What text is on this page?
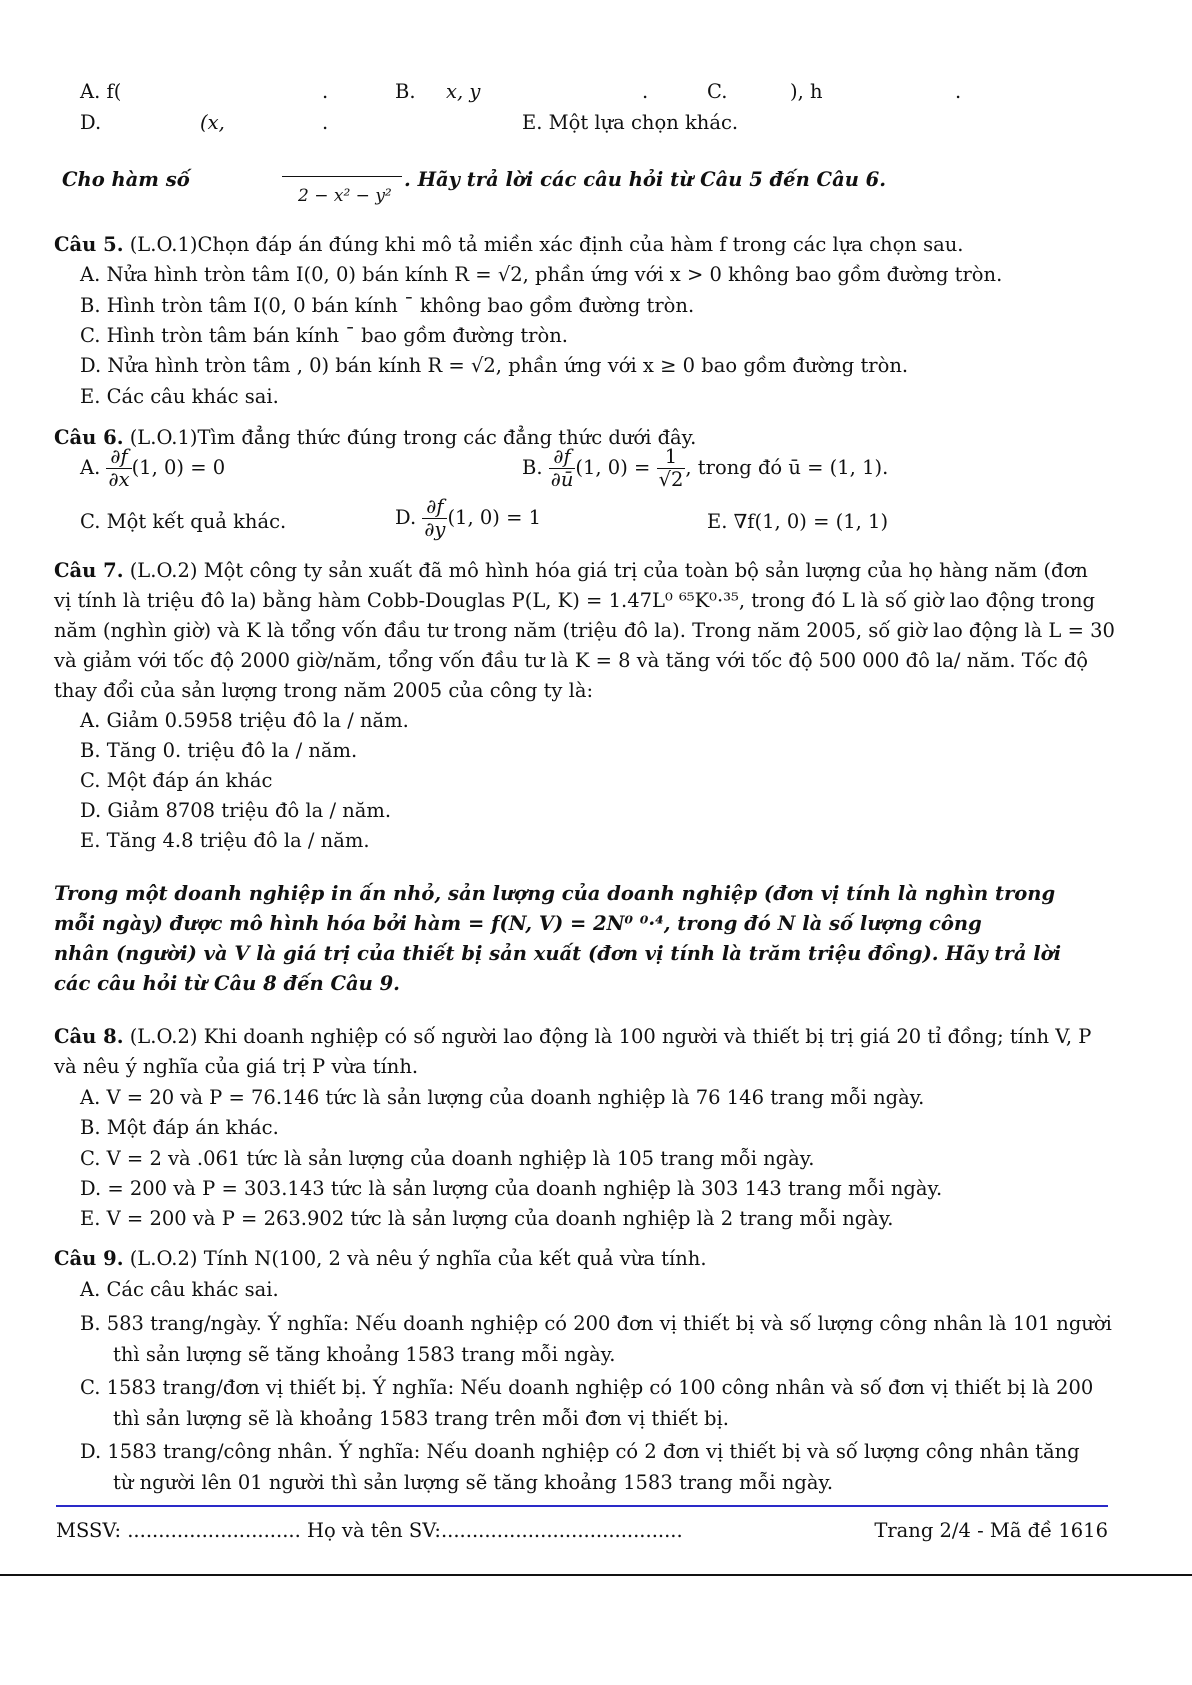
A. f(	.	B. x, y	.	C.	), h	.
D.	(x,	.	E. Một lựa chọn khác.
Cho hàm số
2 − x² − y²
. Hãy trả lời các câu hỏi từ Câu 5 đến Câu 6.
Câu 5. (L.O.1)Chọn đáp án đúng khi mô tả miền xác định của hàm f trong các lựa chọn sau.
A. Nửa hình tròn tâm I(0, 0) bán kính R = √2, phần ứng với x > 0 không bao gồm đường tròn.
B. Hình tròn tâm I(0, 0 bán kính ¯ không bao gồm đường tròn.
C. Hình tròn tâm bán kính ¯ bao gồm đường tròn.
D. Nửa hình tròn tâm , 0) bán kính R = √2, phần ứng với x ≥ 0 bao gồm đường tròn.
E. Các câu khác sai.
Câu 6. (L.O.1)Tìm đẳng thức đúng trong các đẳng thức dưới đây.
A. $\frac{\partial f}{\partial x} (1$, 0) = 0	B. $\frac{\partial f}{\partial ū} (1$, $0) = \frac{1}{√2}$ , trong đó ū = (1, 1).
C. Một kết quả khác.	D. $\frac{\partial f}{\partial y} (1$, 0) = 1	E. ∇f(1, 0) = (1, 1)
Câu 7. (L.O.2) Một công ty sản xuất đã mô hình hóa giá trị của toàn bộ sản lượng của họ hàng năm (đơn
vị tính là triệu đô la) bằng hàm Cobb-Douglas P(L, K) = 1.47L⁰ ⁶⁵K⁰·³⁵, trong đó L là số giờ lao động trong
năm (nghìn giờ) và K là tổng vốn đầu tư trong năm (triệu đô la). Trong năm 2005, số giờ lao động là L = 30
và giảm với tốc độ 2000 giờ/năm, tổng vốn đầu tư là K = 8 và tăng với tốc độ 500 000 đô la/ năm. Tốc độ
thay đổi của sản lượng trong năm 2005 của công ty là:
A. Giảm 0.5958 triệu đô la / năm.
B. Tăng 0. triệu đô la / năm.
C. Một đáp án khác
D. Giảm 8708 triệu đô la / năm.
E. Tăng 4.8 triệu đô la / năm.
Trong một doanh nghiệp in ấn nhỏ, sản lượng của doanh nghiệp (đơn vị tính là nghìn trong
mỗi ngày) được mô hình hóa bởi hàm = f(N, V) = 2N⁰ ⁰·⁴, trong đó N là số lượng công
nhân (người) và V là giá trị của thiết bị sản xuất (đơn vị tính là trăm triệu đồng). Hãy trả lời
các câu hỏi từ Câu 8 đến Câu 9.
Câu 8. (L.O.2) Khi doanh nghiệp có số người lao động là 100 người và thiết bị trị giá 20 tỉ đồng; tính V, P
và nêu ý nghĩa của giá trị P vừa tính.
A. V = 20 và P = 76.146 tức là sản lượng của doanh nghiệp là 76 146 trang mỗi ngày.
B. Một đáp án khác.
C. V = 2 và .061 tức là sản lượng của doanh nghiệp là 105 trang mỗi ngày.
D. = 200 và P = 303.143 tức là sản lượng của doanh nghiệp là 303 143 trang mỗi ngày.
E. V = 200 và P = 263.902 tức là sản lượng của doanh nghiệp là 2 trang mỗi ngày.
Câu 9. (L.O.2) Tính N(100, 2 và nêu ý nghĩa của kết quả vừa tính.
A. Các câu khác sai.
B. 583 trang/ngày. Ý nghĩa: Nếu doanh nghiệp có 200 đơn vị thiết bị và số lượng công nhân là 101 người
thì sản lượng sẽ tăng khoảng 1583 trang mỗi ngày.
C. 1583 trang/đơn vị thiết bị. Ý nghĩa: Nếu doanh nghiệp có 100 công nhân và số đơn vị thiết bị là 200
thì sản lượng sẽ là khoảng 1583 trang trên mỗi đơn vị thiết bị.
D. 1583 trang/công nhân. Ý nghĩa: Nếu doanh nghiệp có 2 đơn vị thiết bị và số lượng công nhân tăng
từ người lên 01 người thì sản lượng sẽ tăng khoảng 1583 trang mỗi ngày.
MSSV: ............................ Họ và tên SV:.......................................	Trang 2/4 - Mã đề 1616
